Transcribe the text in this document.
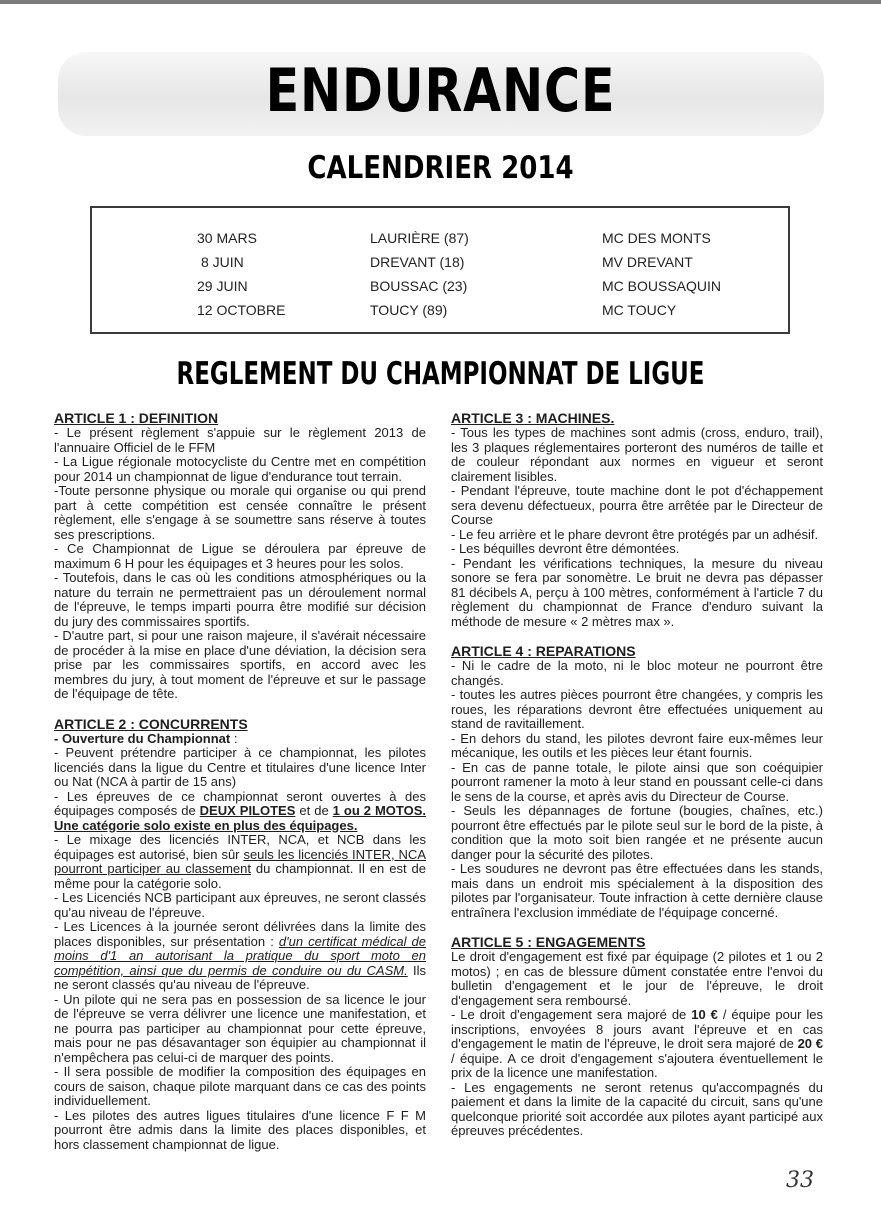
ENDURANCE
CALENDRIER 2014
30 MARS
8 JUIN
29 JUIN
12 OCTOBRE
LAURIÈRE (87)
DREVANT (18)
BOUSSAC (23)
TOUCY (89)
MC DES MONTS
MV DREVANT
MC BOUSSAQUIN
MC TOUCY
REGLEMENT DU CHAMPIONNAT DE LIGUE

ARTICLE 1 : DEFINITION

- Le présent règlement s'appuie sur le règlement 2013 de l'annuaire Officiel de le FFM

- La Ligue régionale motocycliste du Centre met en compétition pour 2014 un championnat de ligue d'endurance tout terrain.

-Toute personne physique ou morale qui organise ou qui prend part à cette compétition est censée connaître le présent règlement, elle s'engage à se soumettre sans réserve à toutes ses prescriptions.

- Ce Championnat de Ligue se déroulera par épreuve de maximum 6 H pour les équipages et 3 heures pour les solos.

- Toutefois, dans le cas où les conditions atmosphériques ou la nature du terrain ne permettraient pas un déroulement normal de l'épreuve, le temps imparti pourra être modifié sur décision du jury des commissaires sportifs.

- D'autre part, si pour une raison majeure, il s'avérait nécessaire de procéder à la mise en place d'une déviation, la décision sera prise par les commissaires sportifs, en accord avec les membres du jury, à tout moment de l'épreuve et sur le passage de l'équipage de tête.

ARTICLE 2 : CONCURRENTS

- Ouverture du Championnat :

- Peuvent prétendre participer à ce championnat, les pilotes licenciés dans la ligue du Centre et titulaires d'une licence Inter ou Nat (NCA à partir de 15 ans)

- Les épreuves de ce championnat seront ouvertes à des équipages composés de DEUX PILOTES et de 1 ou 2 MOTOS. Une catégorie solo existe en plus des équipages.

- Le mixage des licenciés INTER, NCA, et NCB dans les équipages est autorisé, bien sûr seuls les licenciés INTER, NCA pourront participer au classement du championnat. Il en est de même pour la catégorie solo.

- Les Licenciés NCB participant aux épreuves, ne seront classés qu'au niveau de l'épreuve.

- Les Licences à la journée seront délivrées dans la limite des places disponibles, sur présentation : d'un certificat médical de moins d'1 an autorisant la pratique du sport moto en compétition, ainsi que du permis de conduire ou du CASM. Ils ne seront classés qu'au niveau de l'épreuve.

- Un pilote qui ne sera pas en possession de sa licence le jour de l'épreuve se verra délivrer une licence une manifestation, et ne pourra pas participer au championnat pour cette épreuve, mais pour ne pas désavantager son équipier au championnat il n'empêchera pas celui-ci de marquer des points.

- Il sera possible de modifier la composition des équipages en cours de saison, chaque pilote marquant dans ce cas des points individuellement.

- Les pilotes des autres ligues titulaires d'une licence F F M pourront être admis dans la limite des places disponibles, et hors classement championnat de ligue.

ARTICLE 3 : MACHINES.

- Tous les types de machines sont admis (cross, enduro, trail), les 3 plaques réglementaires porteront des numéros de taille et de couleur répondant aux normes en vigueur et seront clairement lisibles.

- Pendant l'épreuve, toute machine dont le pot d'échappement sera devenu défectueux, pourra être arrêtée par le Directeur de Course

- Le feu arrière et le phare devront être protégés par un adhésif.

- Les béquilles devront être démontées.

- Pendant les vérifications techniques, la mesure du niveau sonore se fera par sonomètre. Le bruit ne devra pas dépasser 81 décibels A, perçu à 100 mètres, conformément à l'article 7 du règlement du championnat de France d'enduro suivant la méthode de mesure « 2 mètres max ».

ARTICLE 4 : REPARATIONS

- Ni le cadre de la moto, ni le bloc moteur ne pourront être changés.

- toutes les autres pièces pourront être changées, y compris les roues, les réparations devront être effectuées uniquement au stand de ravitaillement.

- En dehors du stand, les pilotes devront faire eux-mêmes leur mécanique, les outils et les pièces leur étant fournis.

- En cas de panne totale, le pilote ainsi que son coéquipier pourront ramener la moto à leur stand en poussant celle-ci dans le sens de la course, et après avis du Directeur de Course.

- Seuls les dépannages de fortune (bougies, chaînes, etc.) pourront être effectués par le pilote seul sur le bord de la piste, à condition que la moto soit bien rangée et ne présente aucun danger pour la sécurité des pilotes.

- Les soudures ne devront pas être effectuées dans les stands, mais dans un endroit mis spécialement à la disposition des pilotes par l'organisateur. Toute infraction à cette dernière clause entraînera l'exclusion immédiate de l'équipage concerné.

ARTICLE 5 : ENGAGEMENTS

Le droit d'engagement est fixé par équipage (2 pilotes et 1 ou 2 motos) ; en cas de blessure dûment constatée entre l'envoi du bulletin d'engagement et le jour de l'épreuve, le droit d'engagement sera remboursé.

- Le droit d'engagement sera majoré de 10 € / équipe pour les inscriptions, envoyées 8 jours avant l'épreuve et en cas d'engagement le matin de l'épreuve, le droit sera majoré de 20 € / équipe. A ce droit d'engagement s'ajoutera éventuellement le prix de la licence une manifestation.

- Les engagements ne seront retenus qu'accompagnés du paiement et dans la limite de la capacité du circuit, sans qu'une quelconque priorité soit accordée aux pilotes ayant participé aux épreuves précédentes.

33
